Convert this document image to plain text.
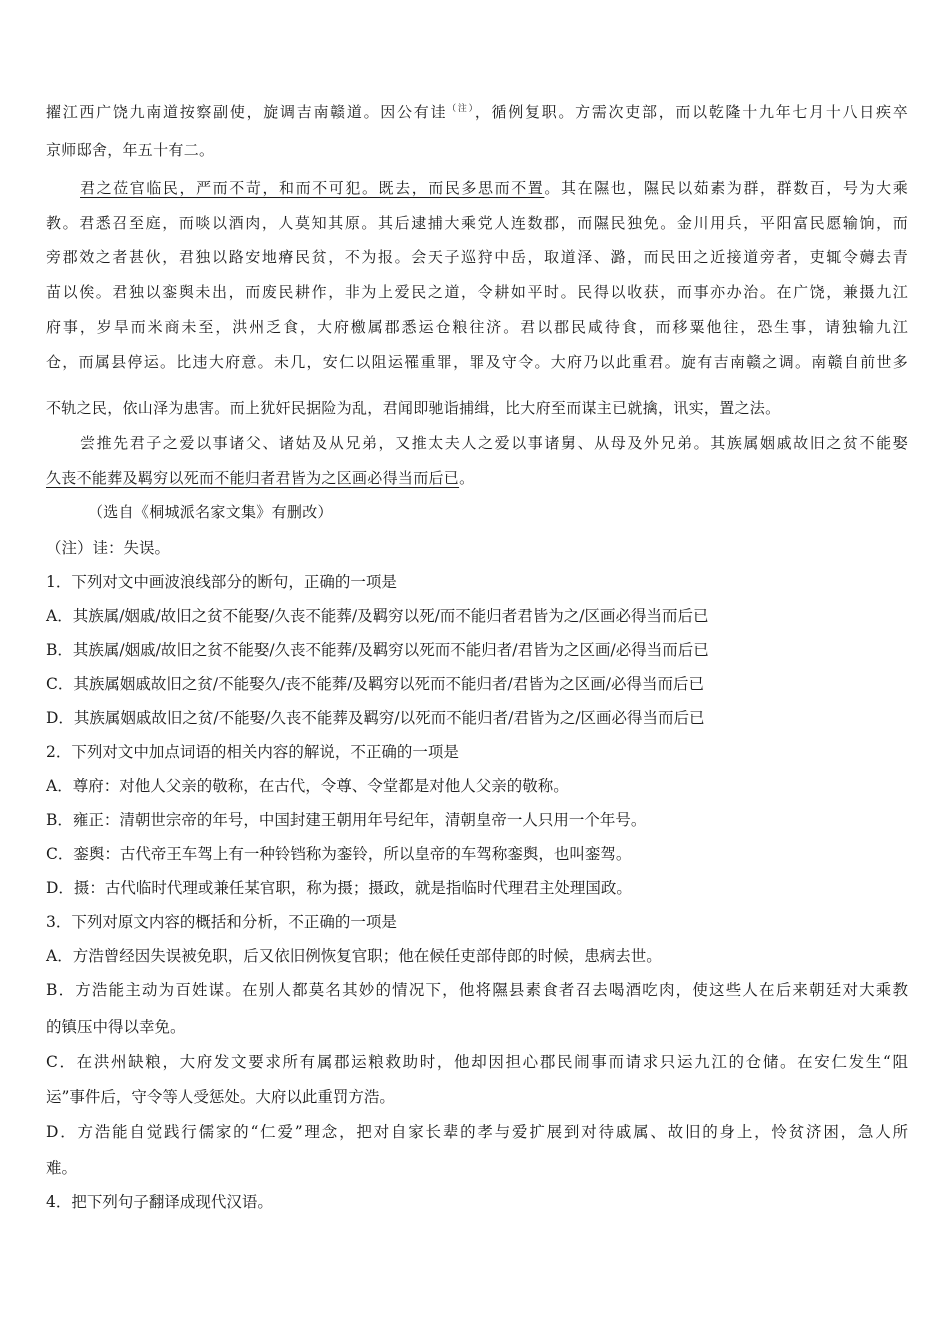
擢江西广饶九南道按察副使，旋调吉南赣道。因公有诖$^{(注)}$，循例复职。方需次吏部，而以乾隆十九年七月十八日疾卒
京师邸舍，年五十有二。
君之莅官临民，严而不苛，和而不可犯。既去，而民多思而不置。其在隰也，隰民以茹素为群，群数百，号为大乘
教。君悉召至庭，而啖以酒肉，人莫知其原。其后逮捕大乘党人连数郡，而隰民独免。金川用兵，平阳富民愿输饷，而
旁郡效之者甚伙，君独以路安地瘠民贫，不为报。会天子巡狩中岳，取道泽、潞，而民田之近接道旁者，吏辄令薅去青
苗以俟。君独以銮舆未出，而废民耕作，非为上爱民之道，令耕如平时。民得以收获，而事亦办治。在广饶，兼摄九江
府事，岁旱而米商未至，洪州乏食，大府檄属郡悉运仓粮往济。君以郡民咸待食，而移粟他往，恐生事，请独输九江
仓，而属县停运。比违大府意。未几，安仁以阻运罹重罪，罪及守令。大府乃以此重君。旋有吉南赣之调。南赣自前世多
不轨之民，依山泽为患害。而上犹奸民据险为乱，君闻即驰诣捕缉，比大府至而谋主已就擒，讯实，置之法。
尝推先君子之爱以事诸父、诸姑及从兄弟，又推太夫人之爱以事诸舅、从母及外兄弟。其族属姻戚故旧之贫不能娶
久丧不能葬及羁穷以死而不能归者君皆为之区画必得当而后已。
（选自《桐城派名家文集》有删改）
（注）诖：失误。
1．下列对文中画波浪线部分的断句，正确的一项是
A．其族属/姻戚/故旧之贫不能娶/久丧不能葬/及羁穷以死/而不能归者君皆为之/区画必得当而后已
B．其族属/姻戚/故旧之贫不能娶/久丧不能葬/及羁穷以死而不能归者/君皆为之区画/必得当而后已
C．其族属姻戚故旧之贫/不能娶久/丧不能葬/及羁穷以死而不能归者/君皆为之区画/必得当而后已
D．其族属姻戚故旧之贫/不能娶/久丧不能葬及羁穷/以死而不能归者/君皆为之/区画必得当而后已
2．下列对文中加点词语的相关内容的解说，不正确的一项是
A．尊府：对他人父亲的敬称，在古代，令尊、令堂都是对他人父亲的敬称。
B．雍正：清朝世宗帝的年号，中国封建王朝用年号纪年，清朝皇帝一人只用一个年号。
C．銮舆：古代帝王车驾上有一种铃铛称为銮铃，所以皇帝的车驾称銮舆，也叫銮驾。
D．摄：古代临时代理或兼任某官职，称为摄；摄政，就是指临时代理君主处理国政。
3．下列对原文内容的概括和分析，不正确的一项是
A．方浩曾经因失误被免职，后又依旧例恢复官职；他在候任吏部侍郎的时候，患病去世。
B．方浩能主动为百姓谋。在别人都莫名其妙的情况下，他将隰县素食者召去喝酒吃肉，使这些人在后来朝廷对大乘教
的镇压中得以幸免。
C．在洪州缺粮，大府发文要求所有属郡运粮救助时，他却因担心郡民闹事而请求只运九江的仓储。在安仁发生“阻
运”事件后，守令等人受惩处。大府以此重罚方浩。
D．方浩能自觉践行儒家的“仁爱”理念，把对自家长辈的孝与爱扩展到对待戚属、故旧的身上，怜贫济困，急人所
难。
4．把下列句子翻译成现代汉语。
